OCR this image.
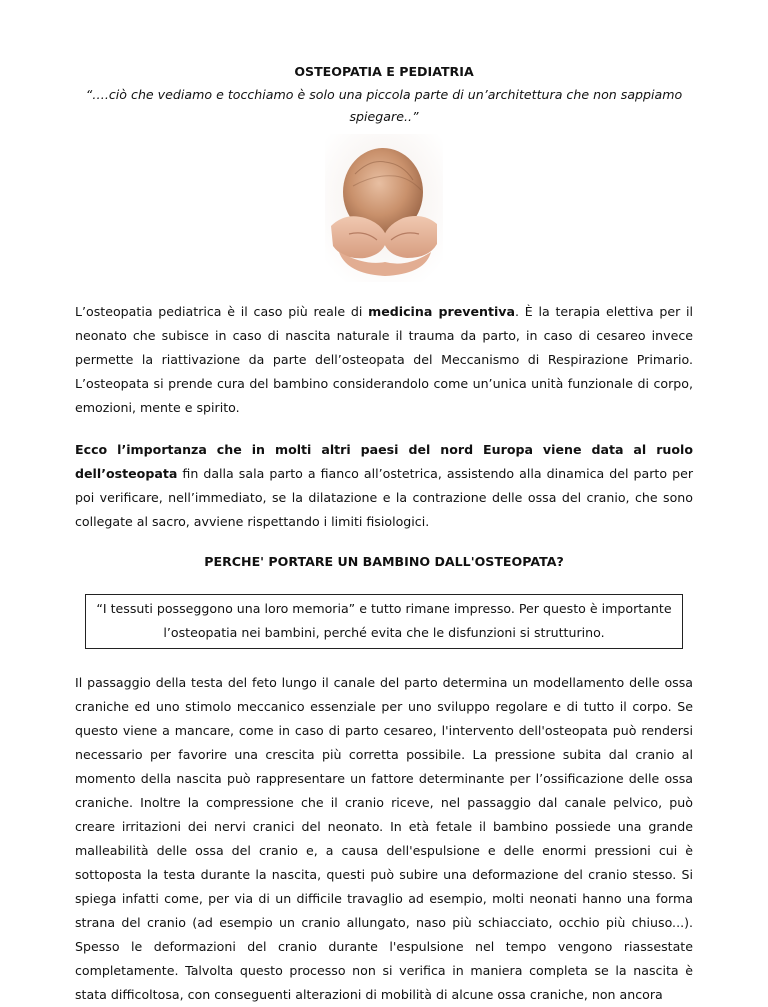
OSTEOPATIA E PEDIATRIA

“….ciò che vediamo e tocchiamo è solo una piccola parte di un’architettura che non sappiamo
spiegare..”

L’osteopatia pediatrica è il caso più reale di medicina preventiva. È la terapia elettiva per il neonato che subisce in caso di nascita naturale il trauma da parto, in caso di cesareo invece permette la riattivazione da parte dell’osteopata del Meccanismo di Respirazione Primario. L’osteopata si prende cura del bambino considerandolo come un’unica unità funzionale di corpo, emozioni, mente e spirito.

Ecco l’importanza che in molti altri paesi del nord Europa viene data al ruolo dell’osteopata fin dalla sala parto a fianco all’ostetrica, assistendo alla dinamica del parto per poi verificare, nell’immediato, se la dilatazione e la contrazione delle ossa del cranio, che sono collegate al sacro, avviene rispettando i limiti fisiologici.

PERCHE' PORTARE UN BAMBINO DALL'OSTEOPATA?

“I tessuti posseggono una loro memoria” e tutto rimane impresso. Per questo è importante l’osteopatia nei bambini, perché evita che le disfunzioni si strutturino.

Il passaggio della testa del feto lungo il canale del parto determina un modellamento delle ossa craniche ed uno stimolo meccanico essenziale per uno sviluppo regolare e di tutto il corpo. Se questo viene a mancare, come in caso di parto cesareo, l'intervento dell'osteopata può rendersi necessario per favorire una crescita più corretta possibile. La pressione subita dal cranio al momento della nascita può rappresentare un fattore determinante per l’ossificazione delle ossa craniche. Inoltre la compressione che il cranio riceve, nel passaggio dal canale pelvico, può creare irritazioni dei nervi cranici del neonato. In età fetale il bambino possiede una grande malleabilità delle ossa del cranio e, a causa dell'espulsione e delle enormi pressioni cui è sottoposta la testa durante la nascita, questi può subire una deformazione del cranio stesso. Si spiega infatti come, per via di un difficile travaglio ad esempio, molti neonati hanno una forma strana del cranio (ad esempio un cranio allungato, naso più schiacciato, occhio più chiuso...). Spesso le deformazioni del cranio durante l'espulsione nel tempo vengono riassestate completamente. Talvolta questo processo non si verifica in maniera completa se la nascita è stata difficoltosa, con conseguenti alterazioni di mobilità di alcune ossa craniche, non ancora
